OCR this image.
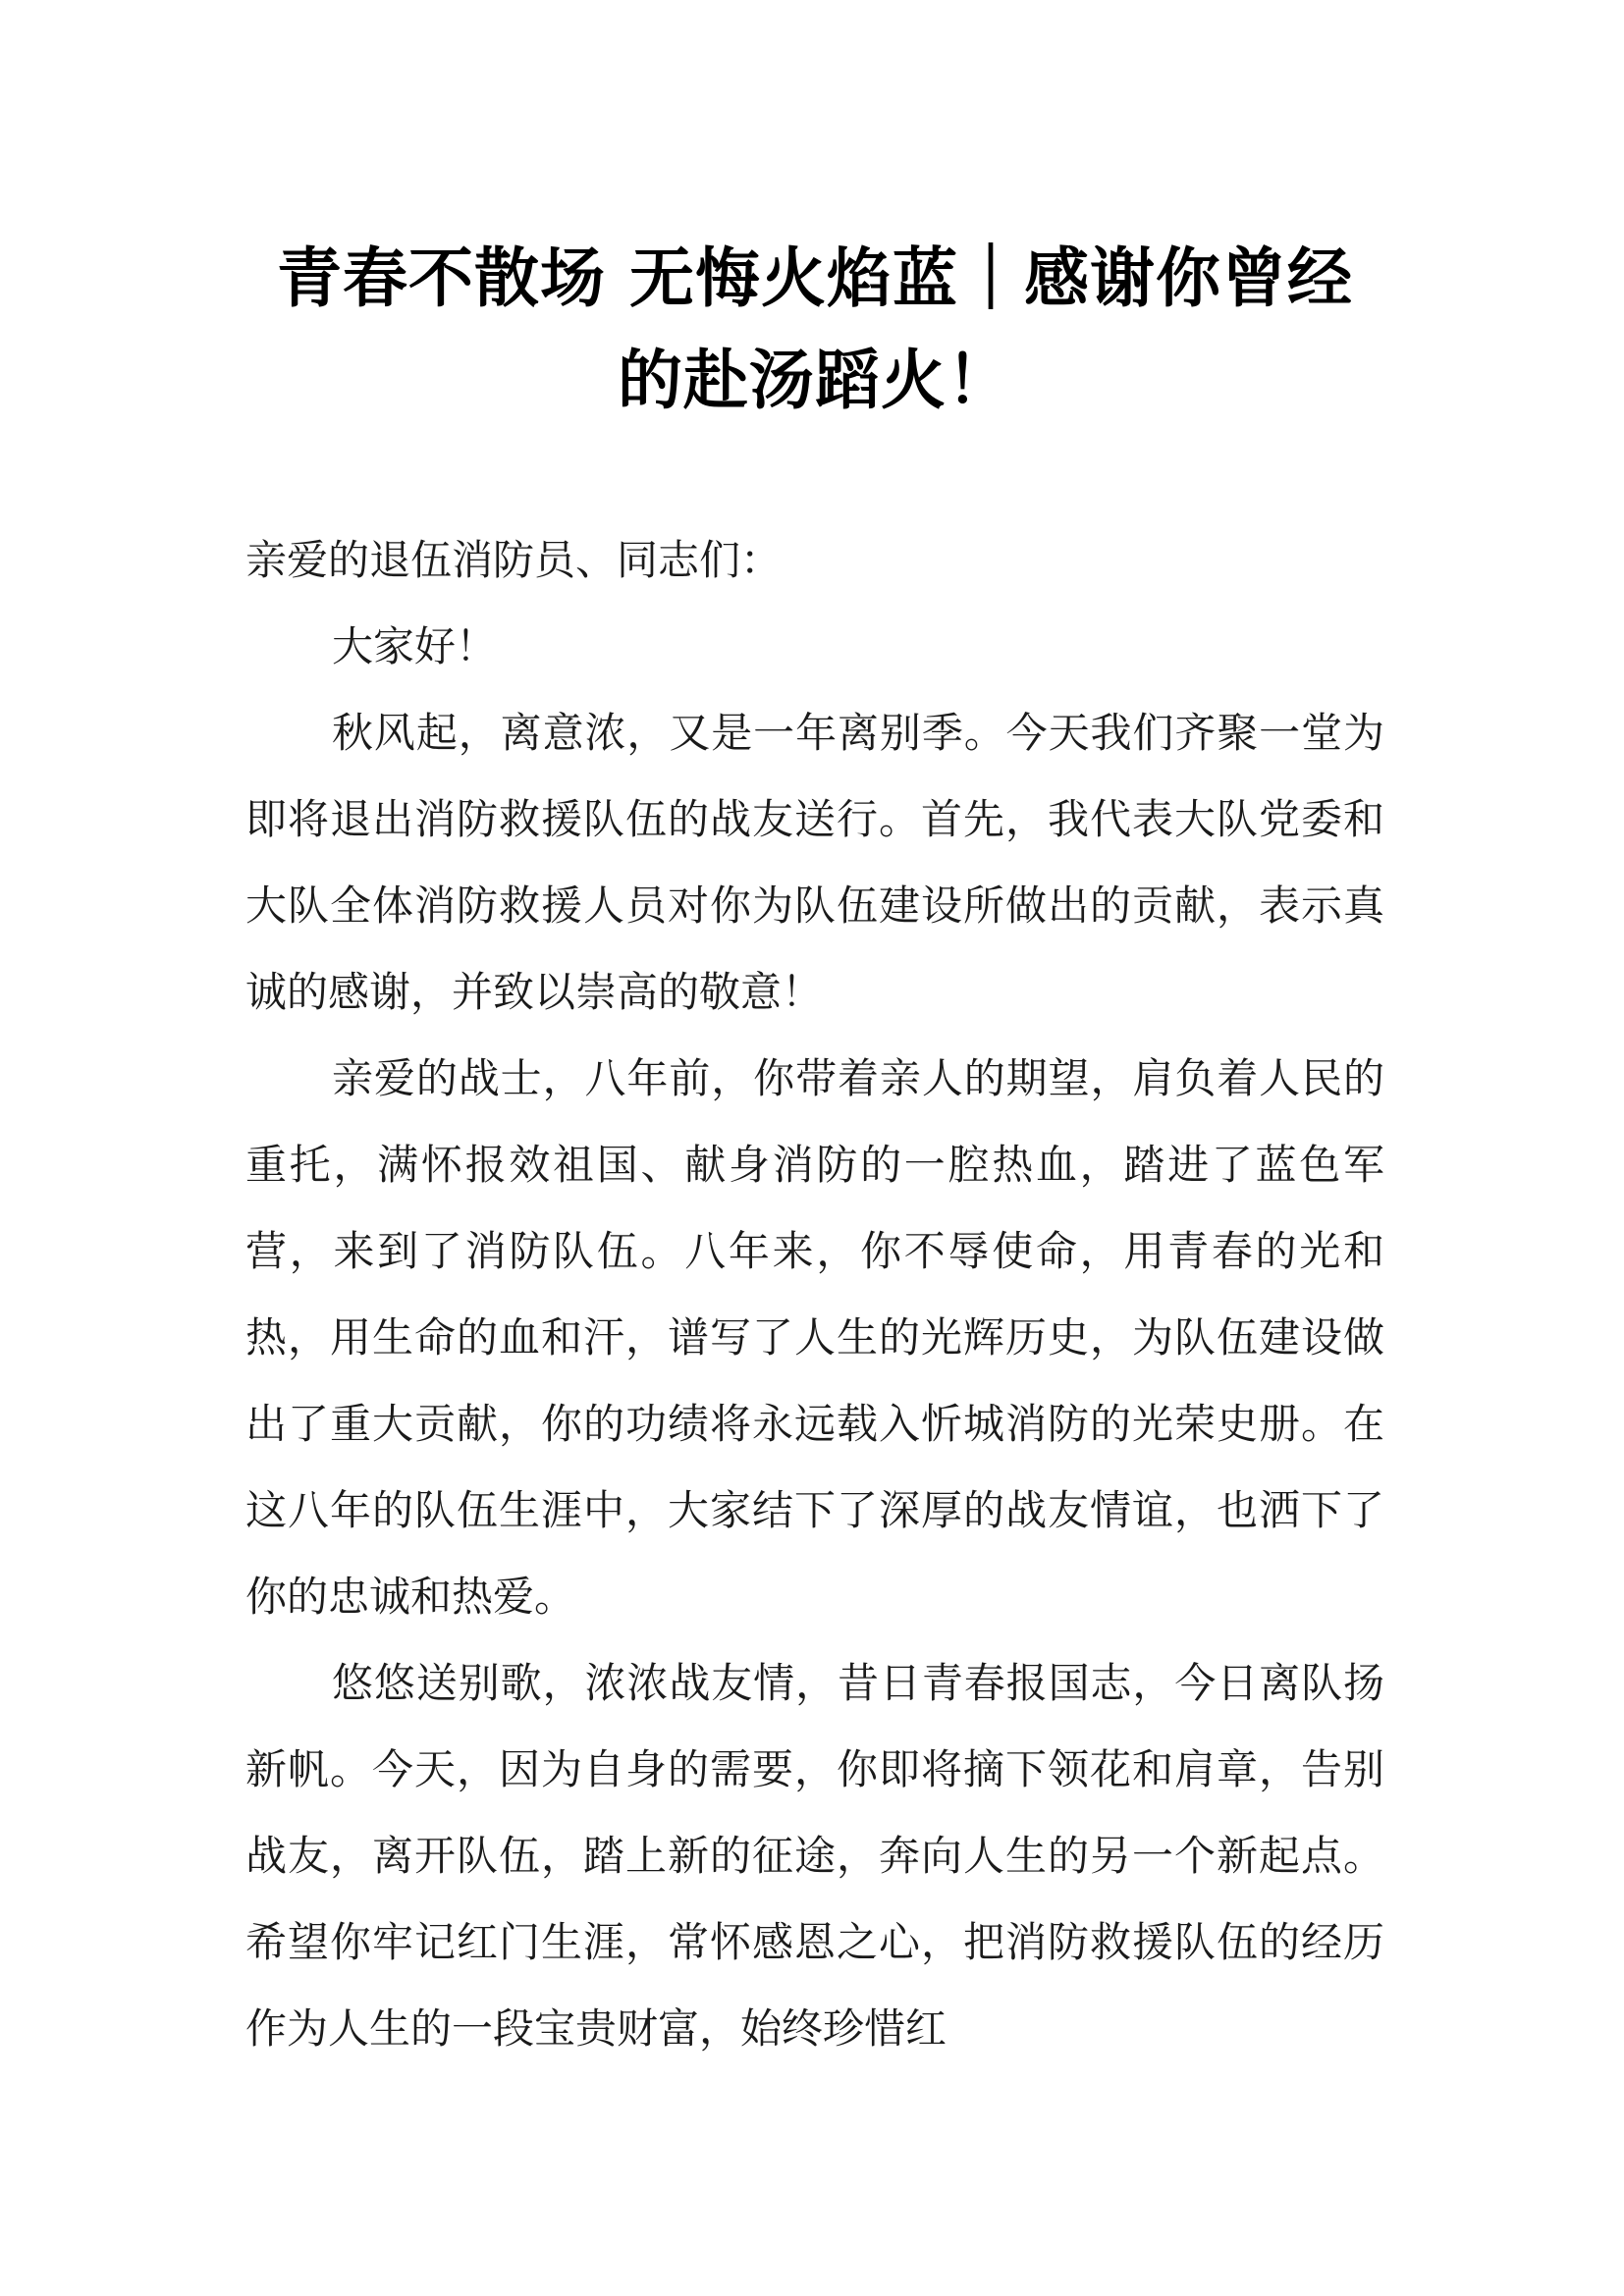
青春不散场 无悔火焰蓝｜感谢你曾经的赴汤蹈火！

亲爱的退伍消防员、同志们：

大家好！

秋风起，离意浓，又是一年离别季。今天我们齐聚一堂为即将退出消防救援队伍的战友送行。首先，我代表大队党委和大队全体消防救援人员对你为队伍建设所做出的贡献，表示真诚的感谢，并致以崇高的敬意！

亲爱的战士，八年前，你带着亲人的期望，肩负着人民的重托，满怀报效祖国、献身消防的一腔热血，踏进了蓝色军营，来到了消防队伍。八年来，你不辱使命，用青春的光和热，用生命的血和汗，谱写了人生的光辉历史，为队伍建设做出了重大贡献，你的功绩将永远载入忻城消防的光荣史册。在这八年的队伍生涯中，大家结下了深厚的战友情谊，也洒下了你的忠诚和热爱。

悠悠送别歌，浓浓战友情，昔日青春报国志，今日离队扬新帆。今天，因为自身的需要，你即将摘下领花和肩章，告别战友，离开队伍，踏上新的征途，奔向人生的另一个新起点。希望你牢记红门生涯，常怀感恩之心，把消防救援队伍的经历作为人生的一段宝贵财富，始终珍惜红
